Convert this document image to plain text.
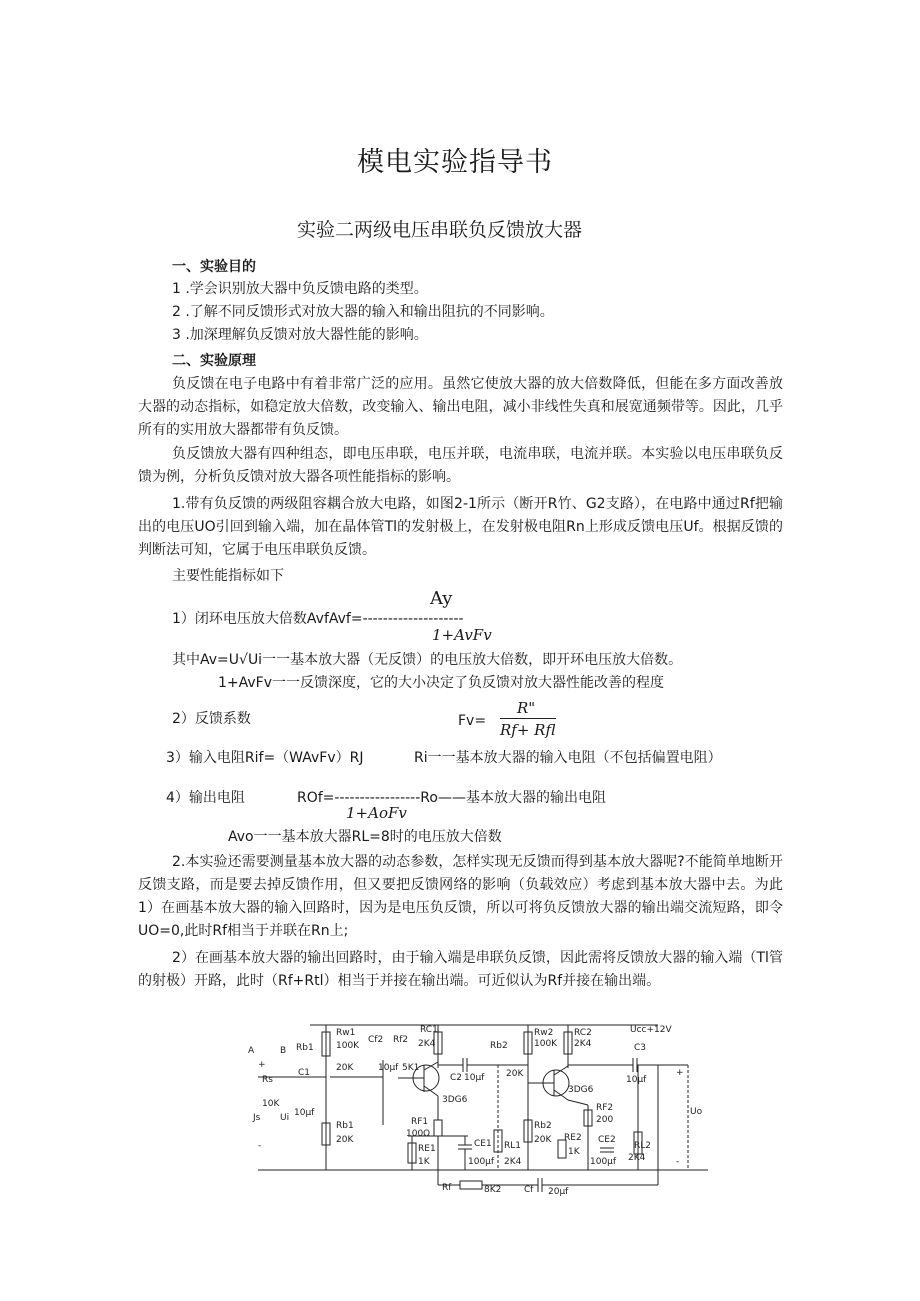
模电实验指导书
实验二两级电压串联负反馈放大器
一、实验目的
1 .学会识别放大器中负反馈电路的类型。
2 .了解不同反馈形式对放大器的输入和输出阻抗的不同影响。
3 .加深理解负反馈对放大器性能的影响。
二、实验原理
负反馈在电子电路中有着非常广泛的应用。虽然它使放大器的放大倍数降低，但能在多方面改善放大器的动态指标，如稳定放大倍数，改变输入、输出电阻，减小非线性失真和展宽通频带等。因此，几乎所有的实用放大器都带有负反馈。
负反馈放大器有四种组态，即电压串联，电压并联，电流串联，电流并联。本实验以电压串联负反馈为例，分析负反馈对放大器各项性能指标的影响。
1.带有负反馈的两级阻容耦合放大电路，如图2-1所示（断开R竹、G2支路），在电路中通过Rf把输出的电压UO引回到输入端，加在晶体管Tl的发射极上，在发射极电阻Rn上形成反馈电压Uf。根据反馈的判断法可知，它属于电压串联负反馈。
主要性能指标如下
Ay
1）闭环电压放大倍数AvfAvf=--------------------
1+AvFv
其中Av=U√Ui一一基本放大器（无反馈）的电压放大倍数，即开环电压放大倍数。
1+AvFv一一反馈深度，它的大小决定了负反馈对放大器性能改善的程度
2）反馈系数	Fv=
R"
Rf+ Rfl
3）输入电阻Rif=（WAvFv）RJ	Ri一一基本放大器的输入电阻（不包括偏置电阻）
4）输出电阻	ROf=-----------------Ro——基本放大器的输出电阻
1+AoFv
Avo一一基本放大器RL=8时的电压放大倍数
2.本实验还需要测量基本放大器的动态参数，怎样实现无反馈而得到基本放大器呢?不能简单地断开反馈支路，而是要去掉反馈作用，但又要把反馈网络的影响（负载效应）考虑到基本放大器中去。为此1）在画基本放大器的输入回路时，因为是电压负反馈，所以可将负反馈放大器的输出端交流短路，即令UO=0,此时Rf相当于并联在Rn上;
2）在画基本放大器的输出回路时，由于输入端是串联负反馈，因此需将反馈放大器的输入端（Tl管的射极）开路，此时（Rf+Rtl）相当于并接在输出端。可近似认为Rf并接在输出端。
Ucc+12V
A	B
+
-
Rs
10K
C1
10μf
Js Ui
Rw1
100K
Rb1
20K
Rb1
20K
Cf2
10μf
Rf2
5K1
RC1
2K4
3DG6
RF1
100Ω
RE1
1K
CE1
100μf
C2 10μf
RL1
2K4
Rw2
100K
Rb2
20K
Rb2
20K
RC2
2K4
3DG6
RF2
200
RE2
1K
CE2
100μf
C3
10μf
RL2
2K4
+
Uo
-
Rf	8K2	Cf 20μf
